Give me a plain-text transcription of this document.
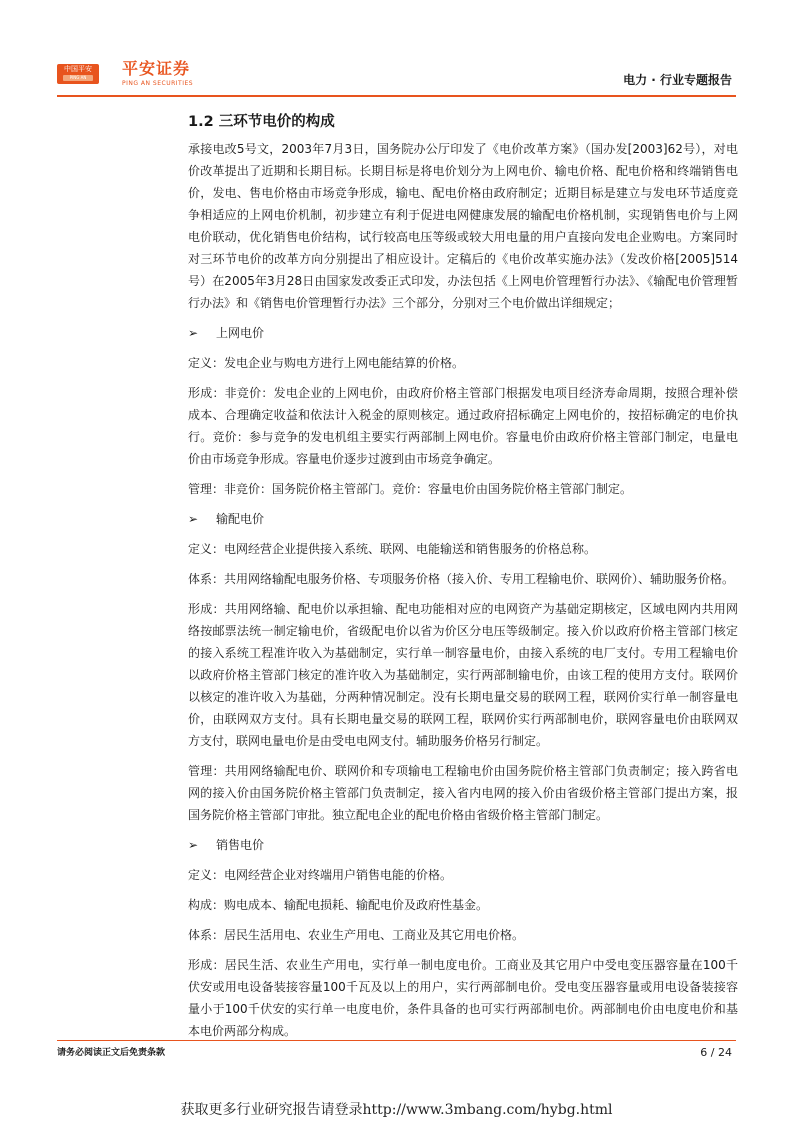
中国平安
PING AN	平安证券
PING AN SECURITIES	电力 · 行业专题报告
1.2 三环节电价的构成
承接电改5号文，2003年7月3日，国务院办公厅印发了《电价改革方案》（国办发[2003]62号），对电价改革提出了近期和长期目标。长期目标是将电价划分为上网电价、输电价格、配电价格和终端销售电价，发电、售电价格由市场竞争形成，输电、配电价格由政府制定；近期目标是建立与发电环节适度竞争相适应的上网电价机制，初步建立有利于促进电网健康发展的输配电价格机制，实现销售电价与上网电价联动，优化销售电价结构，试行较高电压等级或较大用电量的用户直接向发电企业购电。方案同时对三环节电价的改革方向分别提出了相应设计。定稿后的《电价改革实施办法》（发改价格[2005]514号）在2005年3月28日由国家发改委正式印发，办法包括《上网电价管理暂行办法》、《输配电价管理暂行办法》和《销售电价管理暂行办法》三个部分，分别对三个电价做出详细规定；
➢	上网电价
定义：发电企业与购电方进行上网电能结算的价格。
形成：非竞价：发电企业的上网电价，由政府价格主管部门根据发电项目经济寿命周期，按照合理补偿成本、合理确定收益和依法计入税金的原则核定。通过政府招标确定上网电价的，按招标确定的电价执行。竞价：参与竞争的发电机组主要实行两部制上网电价。容量电价由政府价格主管部门制定，电量电价由市场竞争形成。容量电价逐步过渡到由市场竞争确定。
管理：非竞价：国务院价格主管部门。竞价：容量电价由国务院价格主管部门制定。
➢	输配电价
定义：电网经营企业提供接入系统、联网、电能输送和销售服务的价格总称。
体系：共用网络输配电服务价格、专项服务价格（接入价、专用工程输电价、联网价）、辅助服务价格。
形成：共用网络输、配电价以承担输、配电功能相对应的电网资产为基础定期核定，区域电网内共用网络按邮票法统一制定输电价，省级配电价以省为价区分电压等级制定。接入价以政府价格主管部门核定的接入系统工程准许收入为基础制定，实行单一制容量电价，由接入系统的电厂支付。专用工程输电价以政府价格主管部门核定的准许收入为基础制定，实行两部制输电价，由该工程的使用方支付。联网价以核定的准许收入为基础，分两种情况制定。没有长期电量交易的联网工程，联网价实行单一制容量电价，由联网双方支付。具有长期电量交易的联网工程，联网价实行两部制电价，联网容量电价由联网双方支付，联网电量电价是由受电电网支付。辅助服务价格另行制定。
管理：共用网络输配电价、联网价和专项输电工程输电价由国务院价格主管部门负责制定；接入跨省电网的接入价由国务院价格主管部门负责制定，接入省内电网的接入价由省级价格主管部门提出方案，报国务院价格主管部门审批。独立配电企业的配电价格由省级价格主管部门制定。
➢	销售电价
定义：电网经营企业对终端用户销售电能的价格。
构成：购电成本、输配电损耗、输配电价及政府性基金。
体系：居民生活用电、农业生产用电、工商业及其它用电价格。
形成：居民生活、农业生产用电，实行单一制电度电价。工商业及其它用户中受电变压器容量在100千伏安或用电设备装接容量100千瓦及以上的用户，实行两部制电价。受电变压器容量或用电设备装接容量小于100千伏安的实行单一电度电价，条件具备的也可实行两部制电价。两部制电价由电度电价和基本电价两部分构成。
请务必阅读正文后免责条款	6 / 24
获取更多行业研究报告请登录http://www.3mbang.com/hybg.html
